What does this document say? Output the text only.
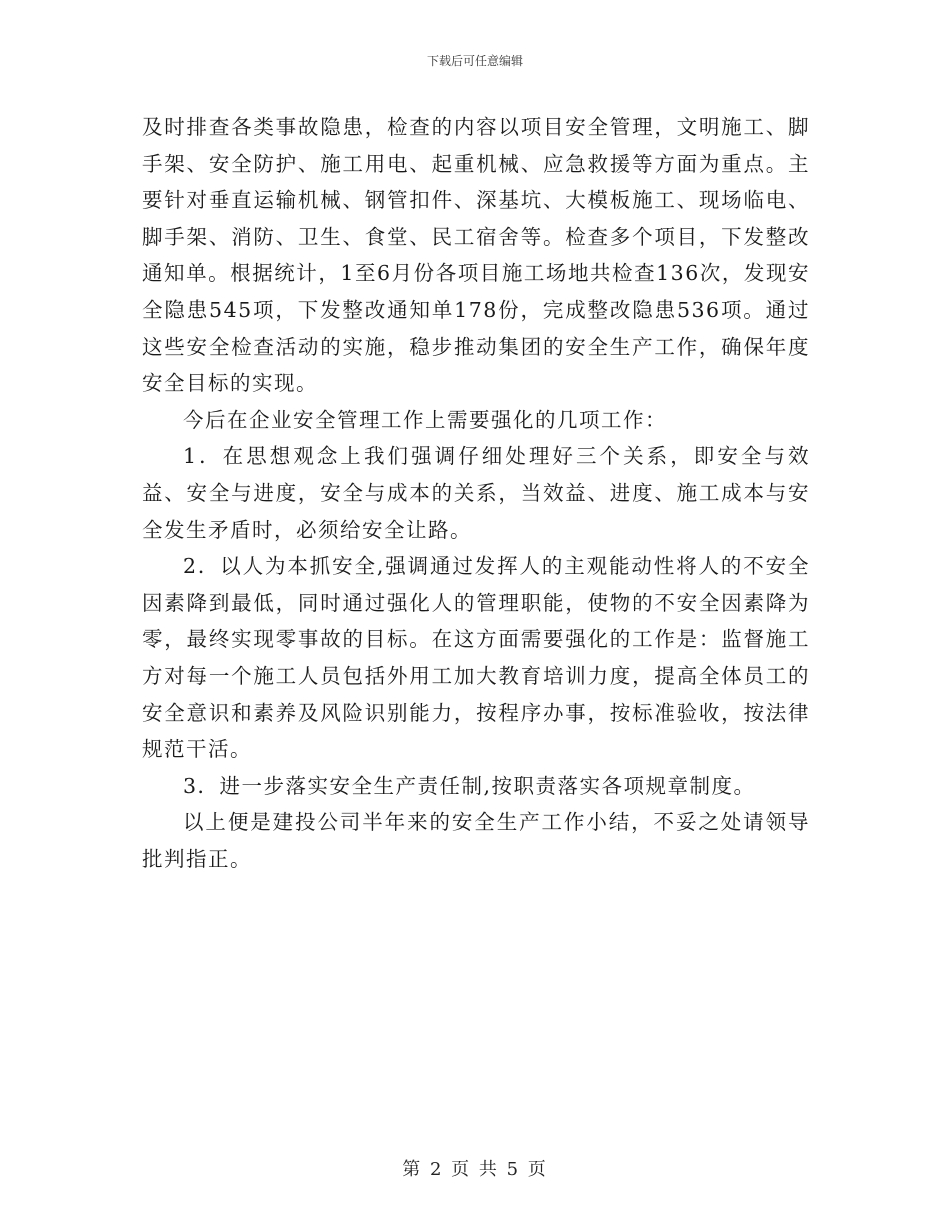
下载后可任意编辑

及时排查各类事故隐患，检查的内容以项目安全管理，文明施工、脚手架、安全防护、施工用电、起重机械、应急救援等方面为重点。主要针对垂直运输机械、钢管扣件、深基坑、大模板施工、现场临电、脚手架、消防、卫生、食堂、民工宿舍等。检查多个项目，下发整改通知单。根据统计，1至6月份各项目施工场地共检查136次，发现安全隐患545项，下发整改通知单178份，完成整改隐患536项。通过这些安全检查活动的实施，稳步推动集团的安全生产工作，确保年度安全目标的实现。

今后在企业安全管理工作上需要强化的几项工作：

1．在思想观念上我们强调仔细处理好三个关系，即安全与效益、安全与进度，安全与成本的关系，当效益、进度、施工成本与安全发生矛盾时，必须给安全让路。

2．以人为本抓安全,强调通过发挥人的主观能动性将人的不安全因素降到最低，同时通过强化人的管理职能，使物的不安全因素降为零，最终实现零事故的目标。在这方面需要强化的工作是：监督施工方对每一个施工人员包括外用工加大教育培训力度，提高全体员工的安全意识和素养及风险识别能力，按程序办事，按标准验收，按法律规范干活。

3．进一步落实安全生产责任制,按职责落实各项规章制度。

以上便是建投公司半年来的安全生产工作小结，不妥之处请领导批判指正。

第 2 页 共 5 页
